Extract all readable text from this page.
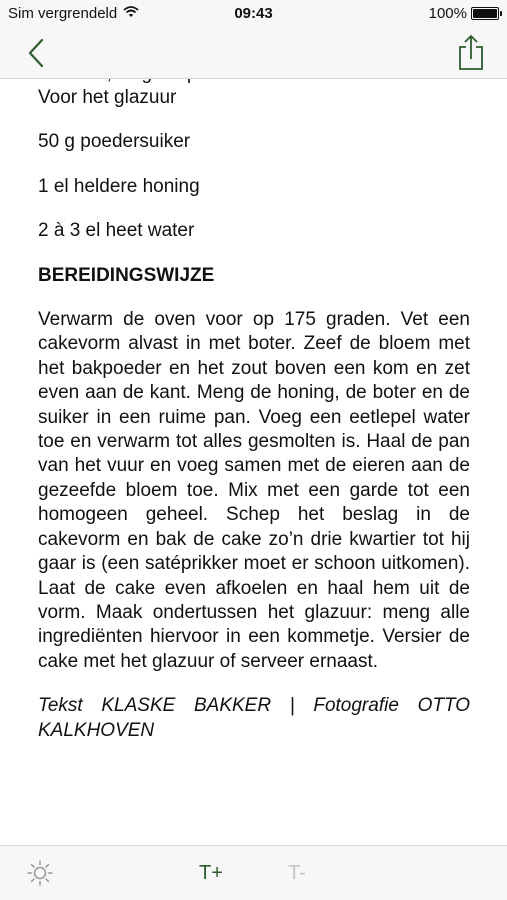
Sim vergrendeld	09:43	100%

Voor het glazuur

50 g poedersuiker

1 el heldere honing

2 à 3 el heet water

BEREIDINGSWIJZE

Verwarm de oven voor op 175 graden. Vet een cakevorm alvast in met boter. Zeef de bloem met het bakpoeder en het zout boven een kom en zet even aan de kant. Meng de honing, de boter en de suiker in een ruime pan. Voeg een eetlepel water toe en verwarm tot alles gesmolten is. Haal de pan van het vuur en voeg samen met de eieren aan de gezeefde bloem toe. Mix met een garde tot een homogeen geheel. Schep het beslag in de cakevorm en bak de cake zo’n drie kwartier tot hij gaar is (een satéprikker moet er schoon uitkomen). Laat de cake even afkoelen en haal hem uit de vorm. Maak ondertussen het glazuur: meng alle ingrediënten hiervoor in een kommetje. Versier de cake met het glazuur of serveer ernaast.

Tekst KLASKE BAKKER | Fotografie OTTO KALKHOVEN

T+	T-
